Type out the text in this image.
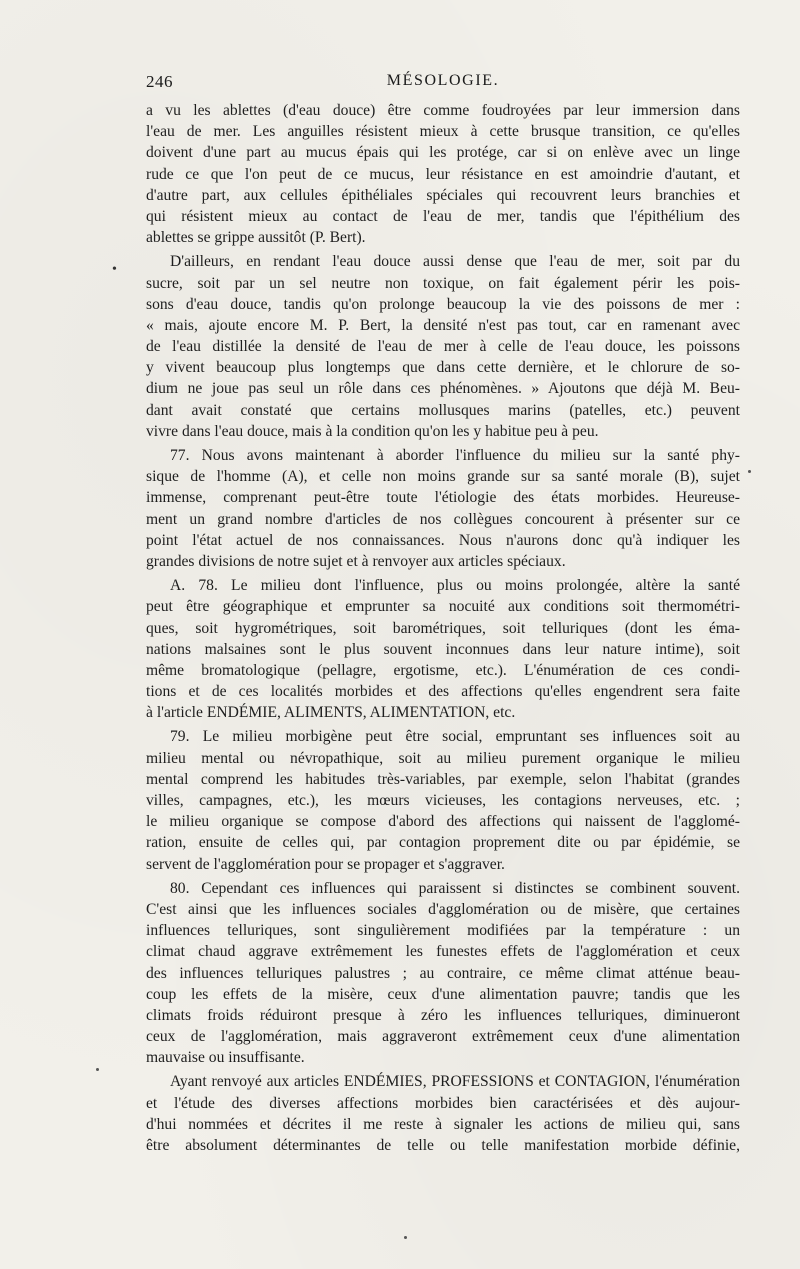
246	MÉSOLOGIE.
a vu les ablettes (d'eau douce) être comme foudroyées par leur immersion dans
l'eau de mer. Les anguilles résistent mieux à cette brusque transition, ce qu'elles
doivent d'une part au mucus épais qui les protége, car si on enlève avec un linge
rude ce que l'on peut de ce mucus, leur résistance en est amoindrie d'autant, et
d'autre part, aux cellules épithéliales spéciales qui recouvrent leurs branchies et
qui résistent mieux au contact de l'eau de mer, tandis que l'épithélium des
ablettes se grippe aussitôt (P. Bert).
D'ailleurs, en rendant l'eau douce aussi dense que l'eau de mer, soit par du
sucre, soit par un sel neutre non toxique, on fait également périr les pois-
sons d'eau douce, tandis qu'on prolonge beaucoup la vie des poissons de mer :
« mais, ajoute encore M. P. Bert, la densité n'est pas tout, car en ramenant avec
de l'eau distillée la densité de l'eau de mer à celle de l'eau douce, les poissons
y vivent beaucoup plus longtemps que dans cette dernière, et le chlorure de so-
dium ne joue pas seul un rôle dans ces phénomènes. » Ajoutons que déjà M. Beu-
dant avait constaté que certains mollusques marins (patelles, etc.) peuvent
vivre dans l'eau douce, mais à la condition qu'on les y habitue peu à peu.
77. Nous avons maintenant à aborder l'influence du milieu sur la santé phy-
sique de l'homme (A), et celle non moins grande sur sa santé morale (B), sujet
immense, comprenant peut-être toute l'étiologie des états morbides. Heureuse-
ment un grand nombre d'articles de nos collègues concourent à présenter sur ce
point l'état actuel de nos connaissances. Nous n'aurons donc qu'à indiquer les
grandes divisions de notre sujet et à renvoyer aux articles spéciaux.
A. 78. Le milieu dont l'influence, plus ou moins prolongée, altère la santé
peut être géographique et emprunter sa nocuité aux conditions soit thermométri-
ques, soit hygrométriques, soit barométriques, soit telluriques (dont les éma-
nations malsaines sont le plus souvent inconnues dans leur nature intime), soit
même bromatologique (pellagre, ergotisme, etc.). L'énumération de ces condi-
tions et de ces localités morbides et des affections qu'elles engendrent sera faite
à l'article ENDÉMIE, ALIMENTS, ALIMENTATION, etc.
79. Le milieu morbigène peut être social, empruntant ses influences soit au
milieu mental ou névropathique, soit au milieu purement organique le milieu
mental comprend les habitudes très-variables, par exemple, selon l'habitat (grandes
villes, campagnes, etc.), les mœurs vicieuses, les contagions nerveuses, etc. ;
le milieu organique se compose d'abord des affections qui naissent de l'agglomé-
ration, ensuite de celles qui, par contagion proprement dite ou par épidémie, se
servent de l'agglomération pour se propager et s'aggraver.
80. Cependant ces influences qui paraissent si distinctes se combinent souvent.
C'est ainsi que les influences sociales d'agglomération ou de misère, que certaines
influences telluriques, sont singulièrement modifiées par la température : un
climat chaud aggrave extrêmement les funestes effets de l'agglomération et ceux
des influences telluriques palustres ; au contraire, ce même climat atténue beau-
coup les effets de la misère, ceux d'une alimentation pauvre; tandis que les
climats froids réduiront presque à zéro les influences telluriques, diminueront
ceux de l'agglomération, mais aggraveront extrêmement ceux d'une alimentation
mauvaise ou insuffisante.
Ayant renvoyé aux articles ENDÉMIES, PROFESSIONS et CONTAGION, l'énumération
et l'étude des diverses affections morbides bien caractérisées et dès aujour-
d'hui nommées et décrites il me reste à signaler les actions de milieu qui, sans
être absolument déterminantes de telle ou telle manifestation morbide définie,
•
